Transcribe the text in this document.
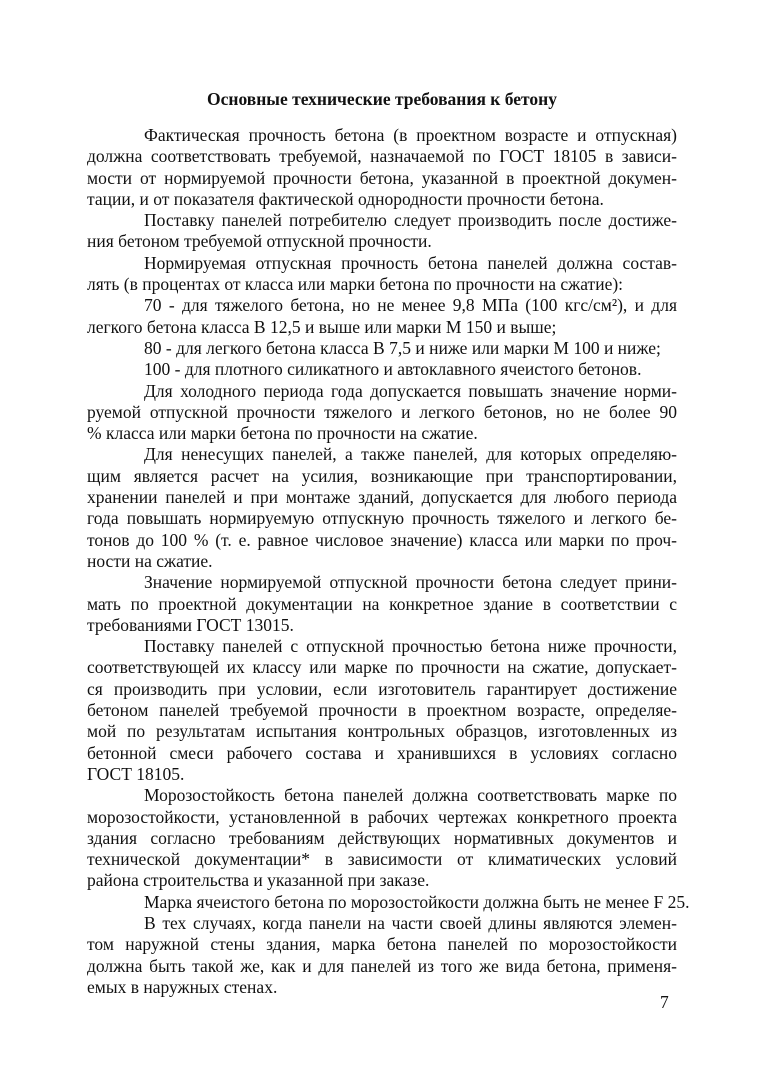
Основные технические требования к бетону
Фактическая прочность бетона (в проектном возрасте и отпускная)
должна соответствовать требуемой, назначаемой по ГОСТ 18105 в зависи-
мости от нормируемой прочности бетона, указанной в проектной докумен-
тации, и от показателя фактической однородности прочности бетона.
Поставку панелей потребителю следует производить после достиже-
ния бетоном требуемой отпускной прочности.
Нормируемая отпускная прочность бетона панелей должна состав-
лять (в процентах от класса или марки бетона по прочности на сжатие):
70 - для тяжелого бетона, но не менее 9,8 МПа (100 кгс/см²), и для
легкого бетона класса В 12,5 и выше или марки М 150 и выше;
80 - для легкого бетона класса В 7,5 и ниже или марки М 100 и ниже;
100 - для плотного силикатного и автоклавного ячеистого бетонов.
Для холодного периода года допускается повышать значение норми-
руемой отпускной прочности тяжелого и легкого бетонов, но не более 90
% класса или марки бетона по прочности на сжатие.
Для ненесущих панелей, а также панелей, для которых определяю-
щим является расчет на усилия, возникающие при транспортировании,
хранении панелей и при монтаже зданий, допускается для любого периода
года повышать нормируемую отпускную прочность тяжелого и легкого бе-
тонов до 100 % (т. е. равное числовое значение) класса или марки по проч-
ности на сжатие.
Значение нормируемой отпускной прочности бетона следует прини-
мать по проектной документации на конкретное здание в соответствии с
требованиями ГОСТ 13015.
Поставку панелей с отпускной прочностью бетона ниже прочности,
соответствующей их классу или марке по прочности на сжатие, допускает-
ся производить при условии, если изготовитель гарантирует достижение
бетоном панелей требуемой прочности в проектном возрасте, определяе-
мой по результатам испытания контрольных образцов, изготовленных из
бетонной смеси рабочего состава и хранившихся в условиях согласно
ГОСТ 18105.
Морозостойкость бетона панелей должна соответствовать марке по
морозостойкости, установленной в рабочих чертежах конкретного проекта
здания согласно требованиям действующих нормативных документов и
технической документации* в зависимости от климатических условий
района строительства и указанной при заказе.
Марка ячеистого бетона по морозостойкости должна быть не менее F 25.
В тех случаях, когда панели на части своей длины являются элемен-
том наружной стены здания, марка бетона панелей по морозостойкости
должна быть такой же, как и для панелей из того же вида бетона, применя-
емых в наружных стенах.
7
